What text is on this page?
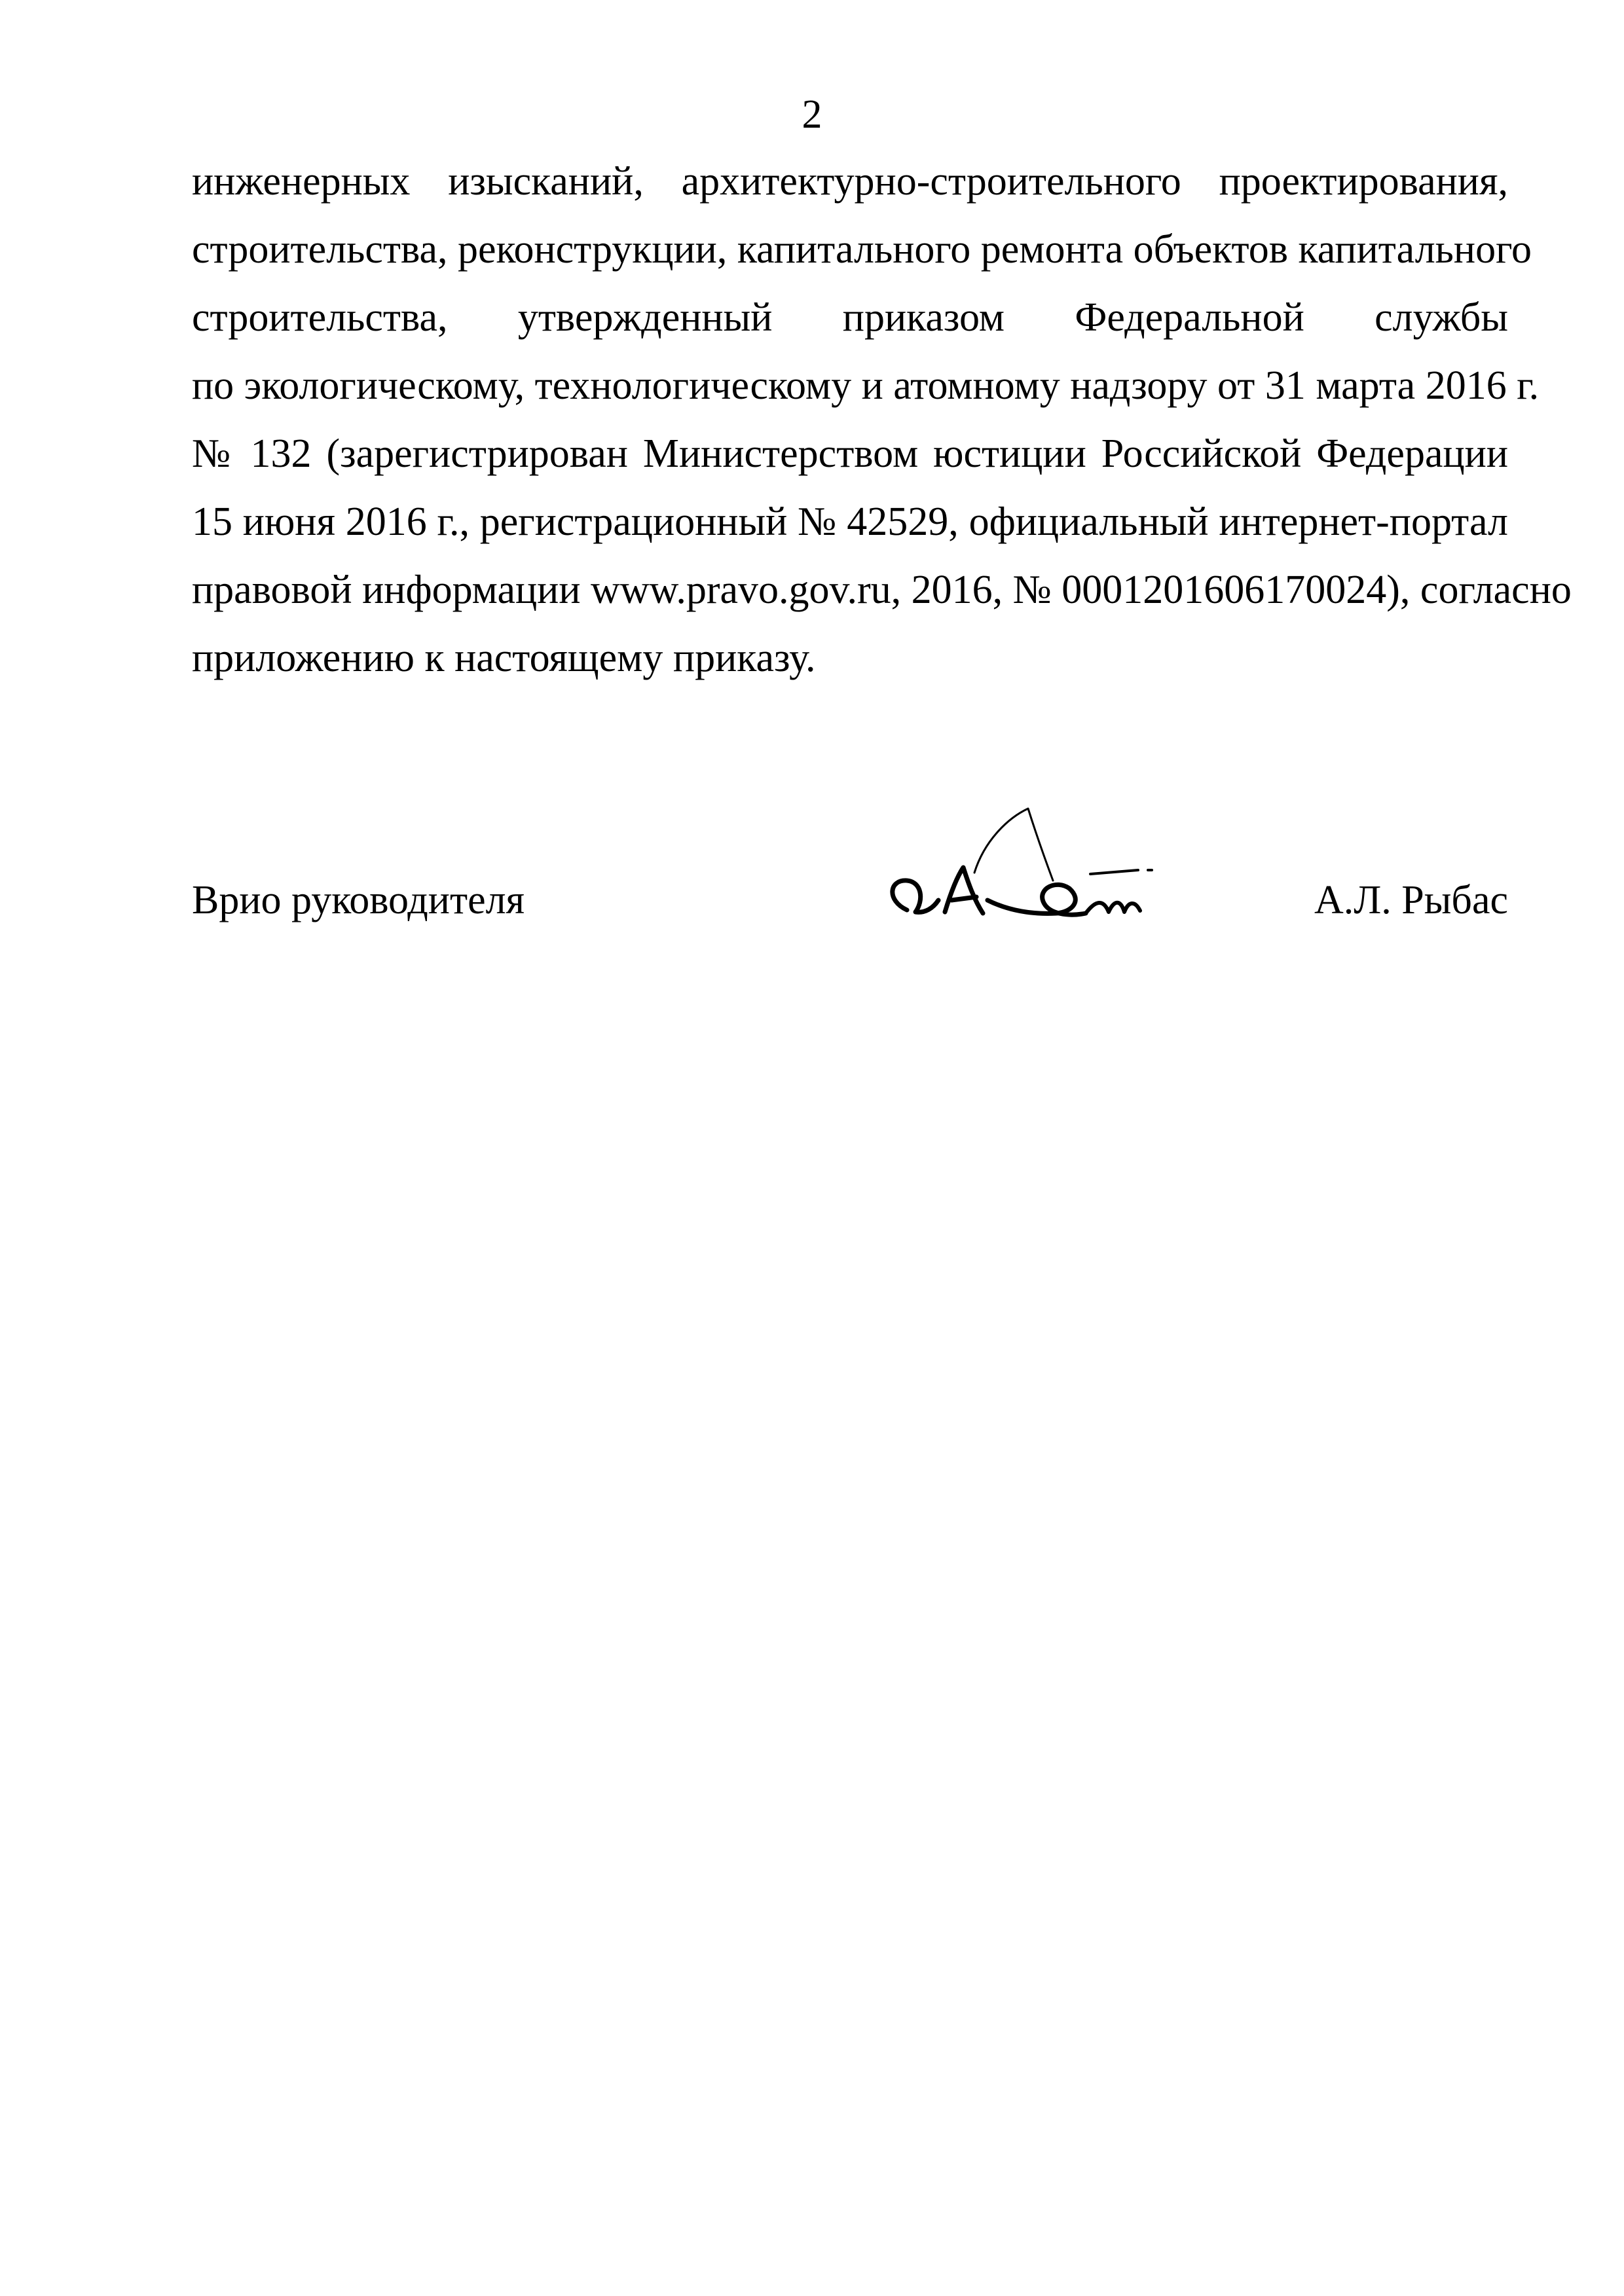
2
инженерных изысканий, архитектурно-строительного проектирования,
строительства, реконструкции, капитального ремонта объектов капитального
строительства, утвержденный приказом Федеральной службы
по экологическому, технологическому и атомному надзору от 31 марта 2016 г.
№ 132 (зарегистрирован Министерством юстиции Российской Федерации
15 июня 2016 г., регистрационный № 42529, официальный интернет-портал
правовой информации www.pravo.gov.ru, 2016, № 0001201606170024), согласно
приложению к настоящему приказу.
Врио руководителя	А.Л. Рыбас
